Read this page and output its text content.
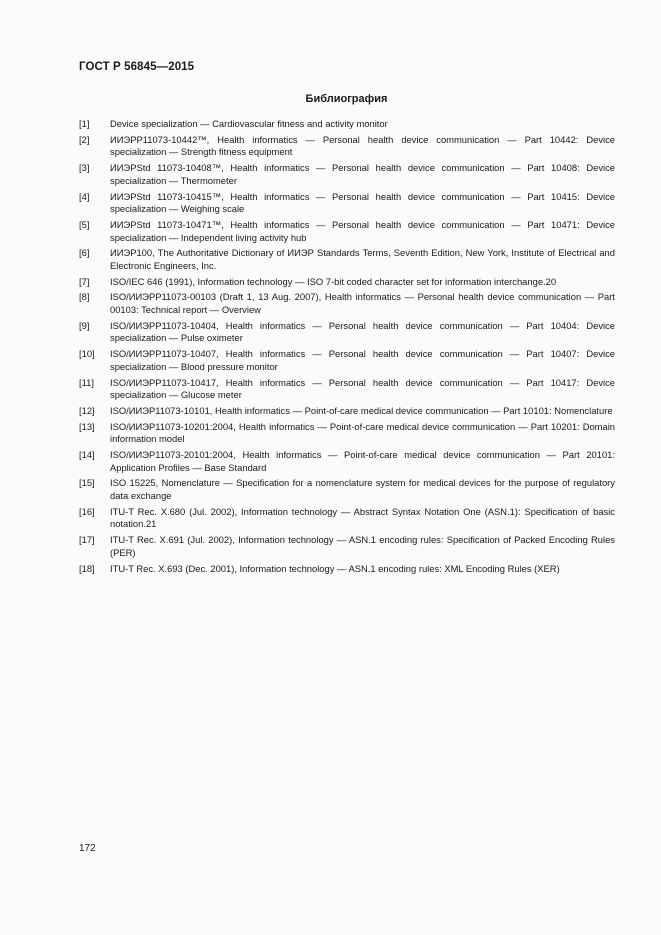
ГОСТ Р 56845—2015
Библиография
[1]	Device specialization — Cardiovascular fitness and activity monitor
[2]	ИИЭРР11073-10442™, Health informatics — Personal health device communication — Part 10442: Device specialization — Strength fitness equipment
[3]	ИИЭРStd 11073-10408™, Health informatics — Personal health device communication — Part 10408: Device specialization — Thermometer
[4]	ИИЭРStd 11073-10415™, Health informatics — Personal health device communication — Part 10415: Device specialization — Weighing scale
[5]	ИИЭРStd 11073-10471™, Health informatics — Personal health device communication — Part 10471: Device specialization — Independent living activity hub
[6]	ИИЭР100, The Authoritative Dictionary of ИИЭР Standards Terms, Seventh Edition, New York, Institute of Electrical and Electronic Engineers, Inc.
[7]	ISO/IEC 646 (1991), Information technology — ISO 7-bit coded character set for information interchange.20
[8]	ISO/ИИЭРР11073-00103 (Draft 1, 13 Aug. 2007), Health informatics — Personal health device communication — Part 00103: Technical report — Overview
[9]	ISO/ИИЭРР11073-10404, Health informatics — Personal health device communication — Part 10404: Device specialization — Pulse oximeter
[10]	ISO/ИИЭРР11073-10407, Health informatics — Personal health device communication — Part 10407: Device specialization — Blood pressure monitor
[11]	ISO/ИИЭРР11073-10417, Health informatics — Personal health device communication — Part 10417: Device specialization — Glucose meter
[12]	ISO/ИИЭР11073-10101, Health informatics — Point-of-care medical device communication — Part 10101: Nomenclature
[13]	ISO/ИИЭР11073-10201:2004, Health informatics — Point-of-care medical device communication — Part 10201: Domain information model
[14]	ISO/ИИЭР11073-20101:2004, Health informatics — Point-of-care medical device communication — Part 20101: Application Profiles — Base Standard
[15]	ISO 15225, Nomenclature — Specification for a nomenclature system for medical devices for the purpose of regulatory data exchange
[16]	ITU-T Rec. X.680 (Jul. 2002), Information technology — Abstract Syntax Notation One (ASN.1): Specification of basic notation.21
[17]	ITU-T Rec. X.691 (Jul. 2002), Information technology — ASN.1 encoding rules: Specification of Packed Encoding Rules (PER)
[18]	ITU-T Rec. X.693 (Dec. 2001), Information technology — ASN.1 encoding rules: XML Encoding Rules (XER)
172
